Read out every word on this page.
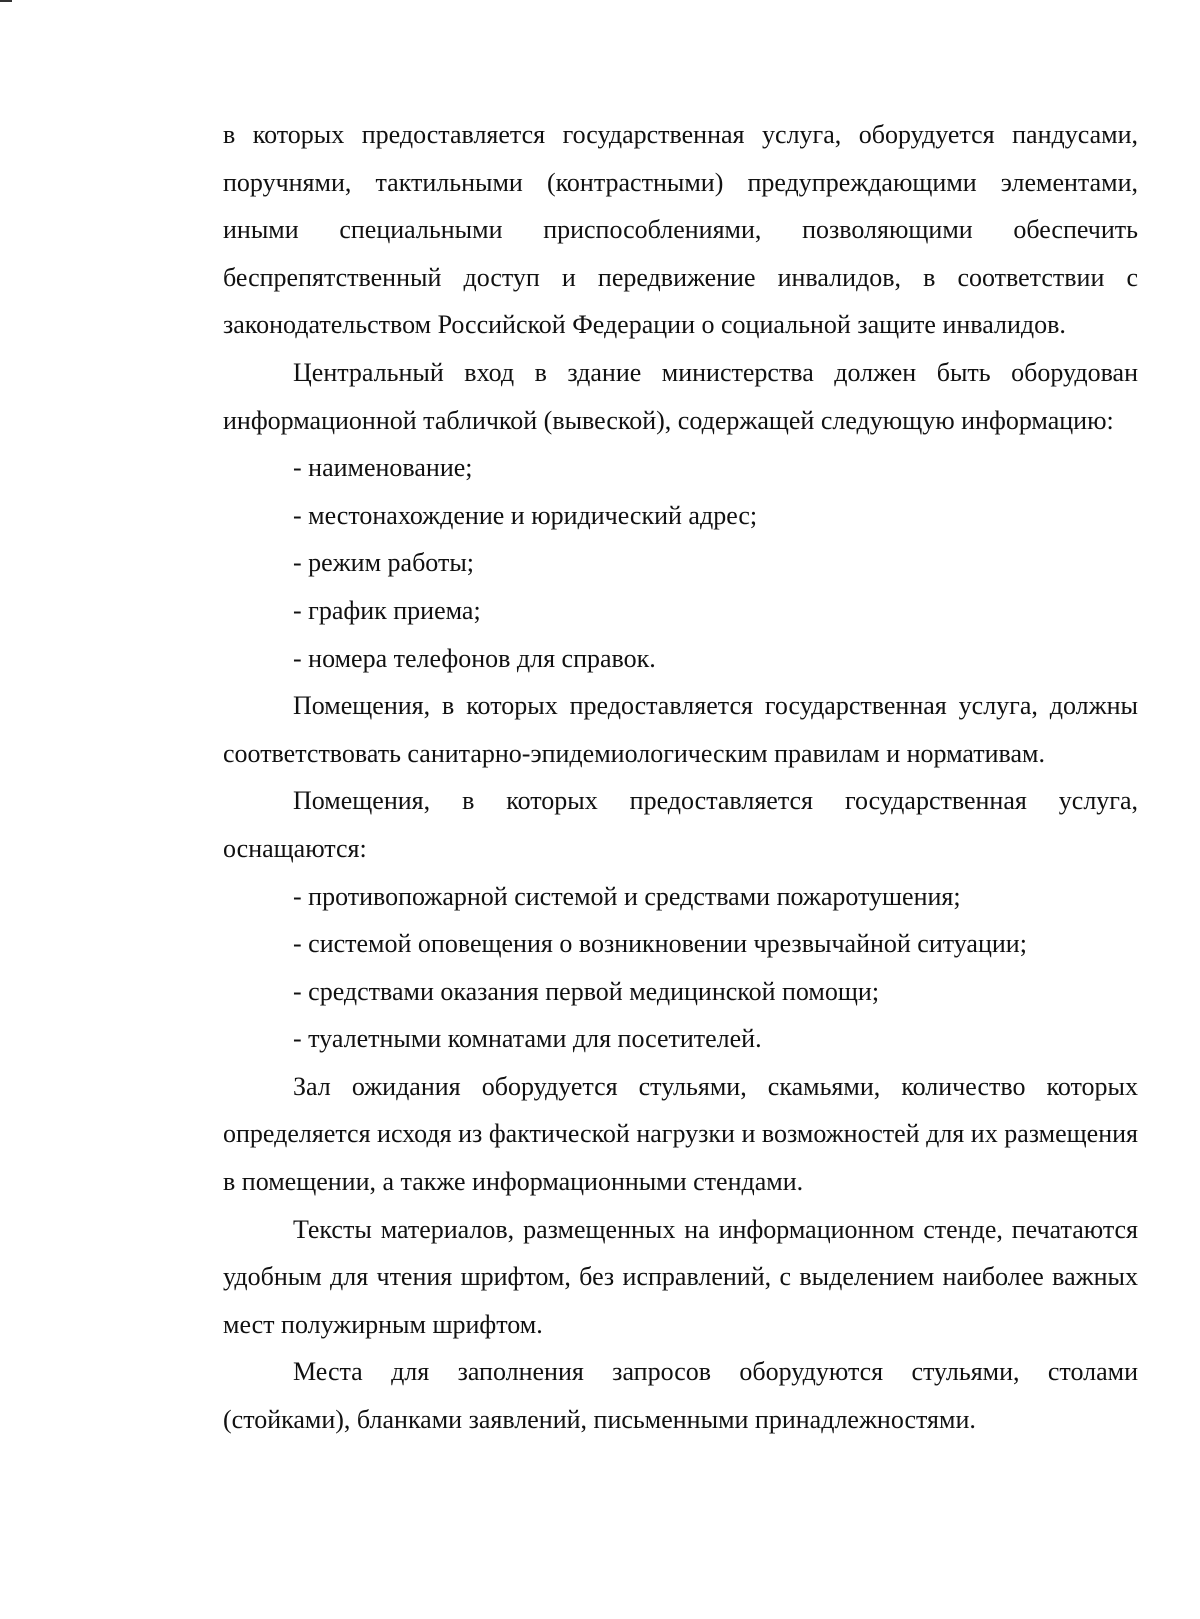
в которых предоставляется государственная услуга, оборудуется пандусами, поручнями, тактильными (контрастными) предупреждающими элементами, иными специальными приспособлениями, позволяющими обеспечить беспрепятственный доступ и передвижение инвалидов, в соответствии с законодательством Российской Федерации о социальной защите инвалидов.

Центральный вход в здание министерства должен быть оборудован информационной табличкой (вывеской), содержащей следующую информацию:

- наименование;

- местонахождение и юридический адрес;

- режим работы;

- график приема;

- номера телефонов для справок.

Помещения, в которых предоставляется государственная услуга, должны соответствовать санитарно-эпидемиологическим правилам и нормативам.

Помещения, в которых предоставляется государственная услуга, оснащаются:

- противопожарной системой и средствами пожаротушения;

- системой оповещения о возникновении чрезвычайной ситуации;

- средствами оказания первой медицинской помощи;

- туалетными комнатами для посетителей.

Зал ожидания оборудуется стульями, скамьями, количество которых определяется исходя из фактической нагрузки и возможностей для их размещения в помещении, а также информационными стендами.

Тексты материалов, размещенных на информационном стенде, печатаются удобным для чтения шрифтом, без исправлений, с выделением наиболее важных мест полужирным шрифтом.

Места для заполнения запросов оборудуются стульями, столами (стойками), бланками заявлений, письменными принадлежностями.
